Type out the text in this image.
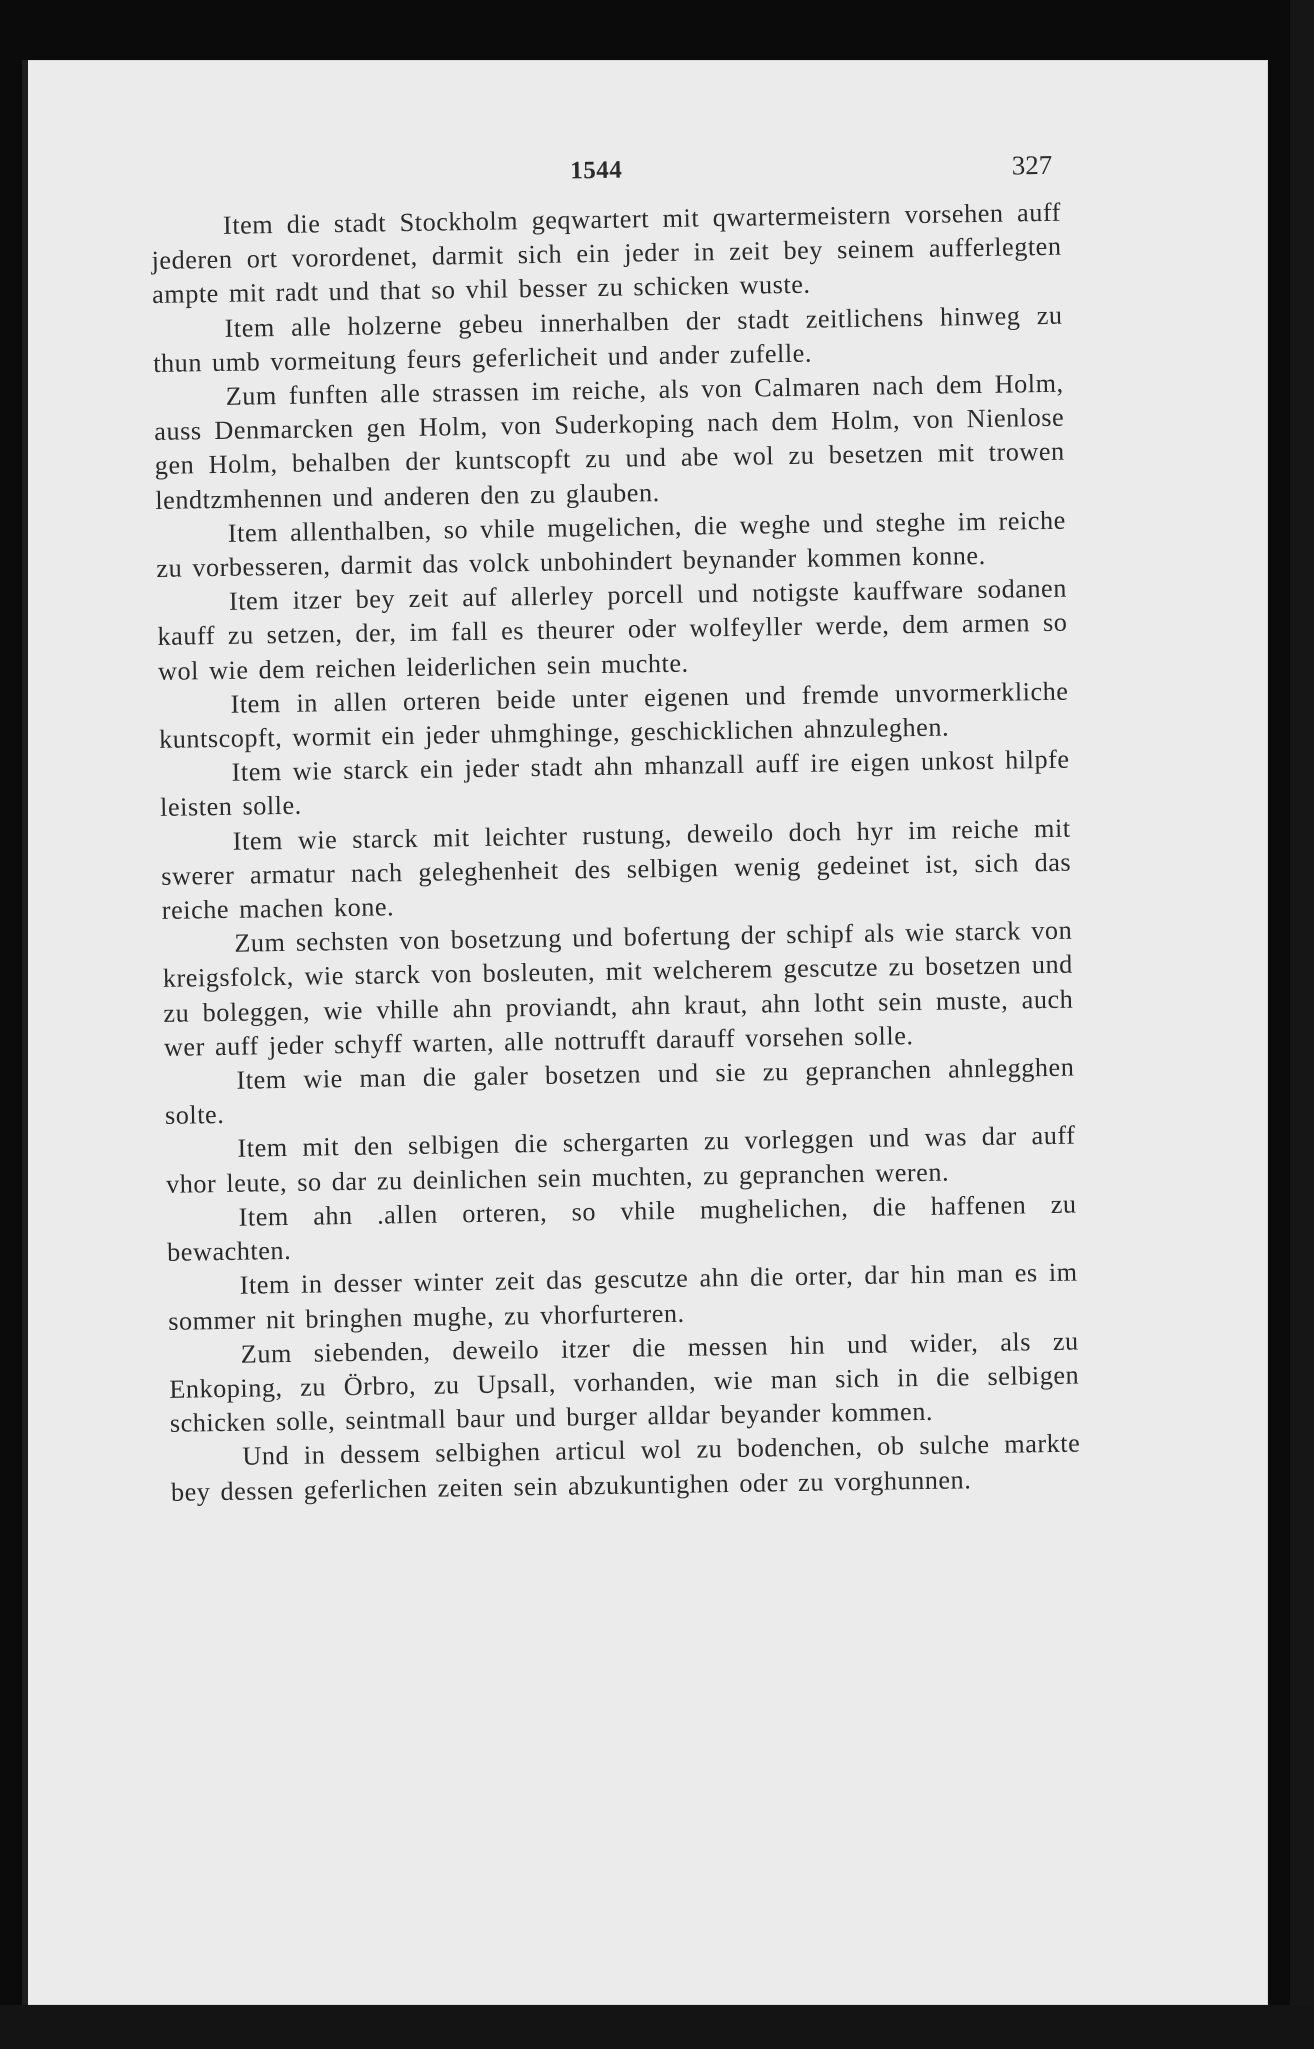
1544	327

Item die stadt Stockholm geqwartert mit qwartermeistern vorsehen auff jederen ort vorordenet, darmit sich ein jeder in zeit bey seinem aufferlegten ampte mit radt und that so vhil besser zu schicken wuste.

Item alle holzerne gebeu innerhalben der stadt zeitlichens hinweg zu thun umb vormeitung feurs geferlicheit und ander zufelle.

Zum funften alle strassen im reiche, als von Calmaren nach dem Holm, auss Denmarcken gen Holm, von Suderkoping nach dem Holm, von Nienlose gen Holm, behalben der kuntscopft zu und abe wol zu besetzen mit trowen lendtzmhennen und anderen den zu glauben.

Item allenthalben, so vhile mugelichen, die weghe und steghe im reiche zu vorbesseren, darmit das volck unbohindert beynander kommen konne.

Item itzer bey zeit auf allerley porcell und notigste kauffware sodanen kauff zu setzen, der, im fall es theurer oder wolfeyller werde, dem armen so wol wie dem reichen leiderlichen sein muchte.

Item in allen orteren beide unter eigenen und fremde unvormerkliche kuntscopft, wormit ein jeder uhmghinge, geschicklichen ahnzuleghen.

Item wie starck ein jeder stadt ahn mhanzall auff ire eigen unkost hilpfe leisten solle.

Item wie starck mit leichter rustung, deweilo doch hyr im reiche mit swerer armatur nach geleghenheit des selbigen wenig gedeinet ist, sich das reiche machen kone.

Zum sechsten von bosetzung und bofertung der schipf als wie starck von kreigsfolck, wie starck von bosleuten, mit welcherem gescutze zu bosetzen und zu boleggen, wie vhille ahn proviandt, ahn kraut, ahn lotht sein muste, auch wer auff jeder schyff warten, alle nottrufft darauff vorsehen solle.

Item wie man die galer bosetzen und sie zu gepranchen ahnlegghen solte.

Item mit den selbigen die schergarten zu vorleggen und was dar auff vhor leute, so dar zu deinlichen sein muchten, zu gepranchen weren.

Item ahn .allen orteren, so vhile mughelichen, die haffenen zu bewachten.

Item in desser winter zeit das gescutze ahn die orter, dar hin man es im sommer nit bringhen mughe, zu vhorfurteren.

Zum siebenden, deweilo itzer die messen hin und wider, als zu Enkoping, zu Örbro, zu Upsall, vorhanden, wie man sich in die selbigen schicken solle, seintmall baur und burger alldar beyander kommen.

Und in dessem selbighen articul wol zu bodenchen, ob sulche markte bey dessen geferlichen zeiten sein abzukuntighen oder zu vorghunnen.
